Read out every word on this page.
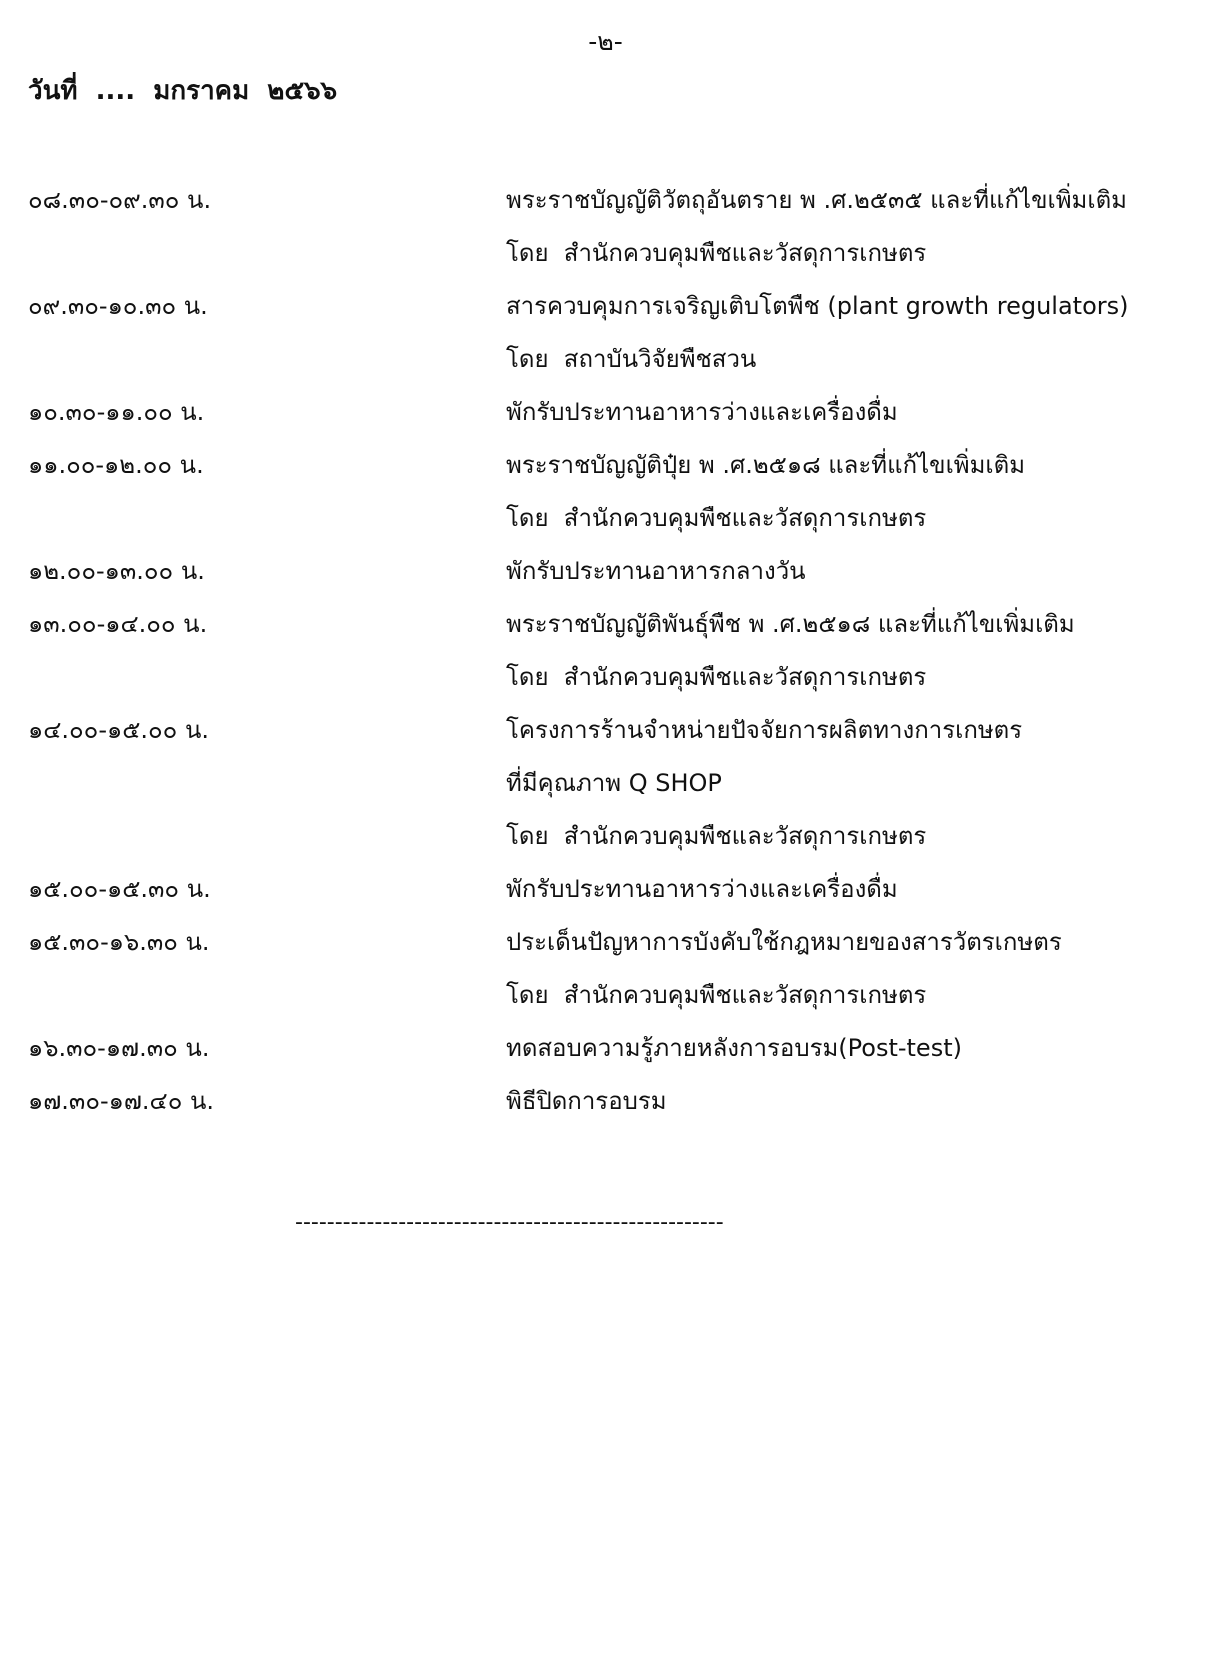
-๒-
วันที่  ....  มกราคม  ๒๕๖๖
๐๘.๓๐-๐๙.๓๐ น.	พระราชบัญญัติวัตถุอันตราย พ .ศ.๒๕๓๕ และที่แก้ไขเพิ่มเติม
โดย  สำนักควบคุมพืชและวัสดุการเกษตร
๐๙.๓๐-๑๐.๓๐ น.	สารควบคุมการเจริญเติบโตพืช (plant growth regulators)
โดย  สถาบันวิจัยพืชสวน
๑๐.๓๐-๑๑.๐๐ น.	พักรับประทานอาหารว่างและเครื่องดื่ม
๑๑.๐๐-๑๒.๐๐ น.	พระราชบัญญัติปุ๋ย พ .ศ.๒๕๑๘ และที่แก้ไขเพิ่มเติม
โดย  สำนักควบคุมพืชและวัสดุการเกษตร
๑๒.๐๐-๑๓.๐๐ น.	พักรับประทานอาหารกลางวัน
๑๓.๐๐-๑๔.๐๐ น.	พระราชบัญญัติพันธุ์พืช พ .ศ.๒๕๑๘ และที่แก้ไขเพิ่มเติม
โดย  สำนักควบคุมพืชและวัสดุการเกษตร
๑๔.๐๐-๑๕.๐๐ น.	โครงการร้านจำหน่ายปัจจัยการผลิตทางการเกษตร
ที่มีคุณภาพ Q SHOP
โดย  สำนักควบคุมพืชและวัสดุการเกษตร
๑๕.๐๐-๑๕.๓๐ น.	พักรับประทานอาหารว่างและเครื่องดื่ม
๑๕.๓๐-๑๖.๓๐ น.	ประเด็นปัญหาการบังคับใช้กฎหมายของสารวัตรเกษตร
โดย  สำนักควบคุมพืชและวัสดุการเกษตร
๑๖.๓๐-๑๗.๓๐ น.	ทดสอบความรู้ภายหลังการอบรม(Post-test)
๑๗.๓๐-๑๗.๔๐ น.	พิธีปิดการอบรม
------------------------------------------------------
